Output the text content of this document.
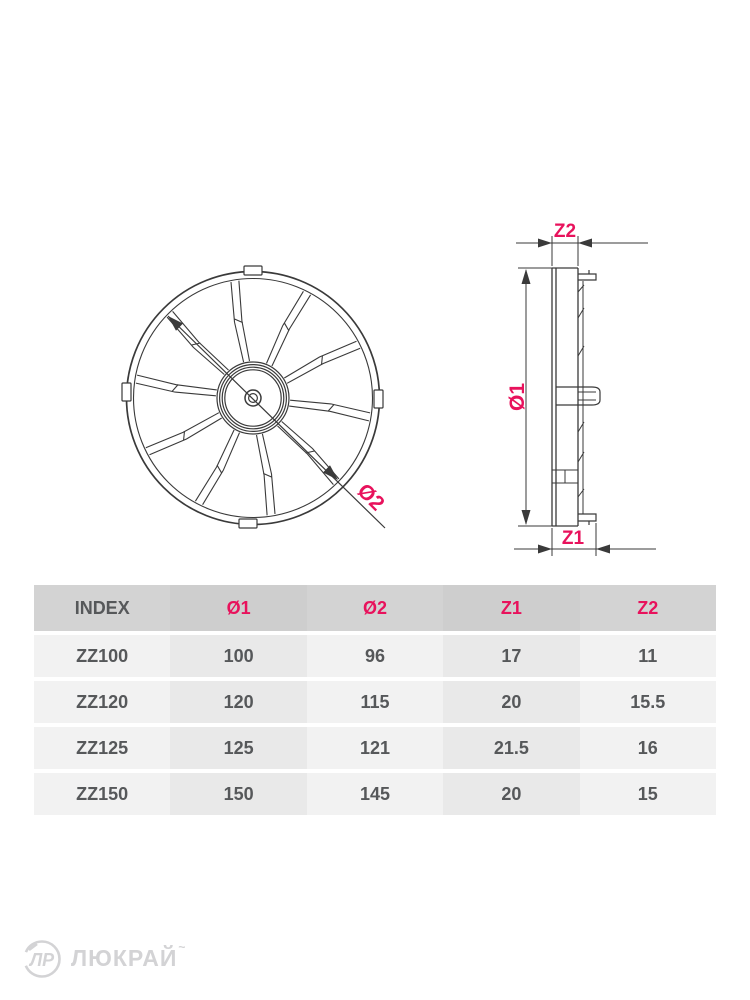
Ø2
Z2
Ø1
Z1
INDEX	Ø1	Ø2	Z1	Z2
ZZ100	100	96	17	11
ZZ120	120	115	20	15.5
ZZ125	125	121	21.5	16
ZZ150	150	145	20	15
ЛР ЛЮКРАЙ~
